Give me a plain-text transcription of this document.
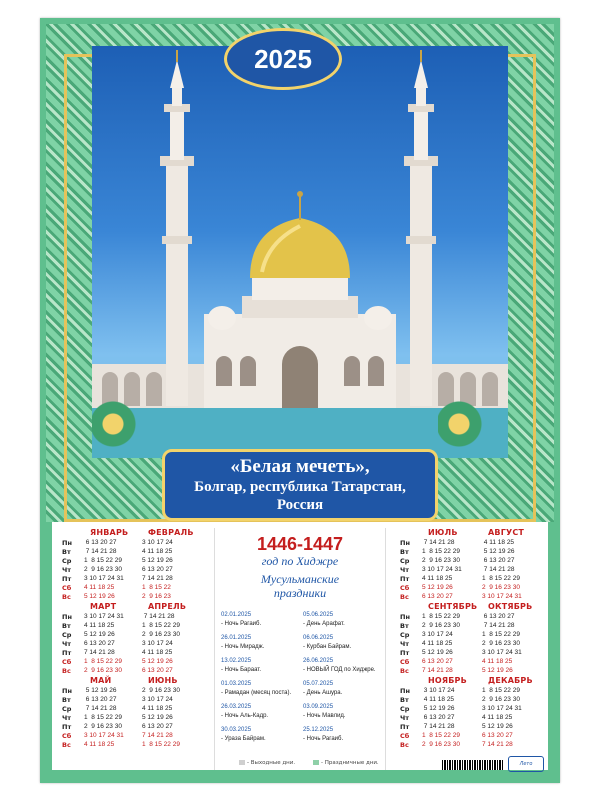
2025
«Белая мечеть»,
Болгар, республика Татарстан,
Россия
ЯНВАРЬ
6 13 20 27
7 14 21 28
1  8 15 22 29
2  9 16 23 30
3 10 17 24 31
4 11 18 25
5 12 19 26
ФЕВРАЛЬ
3 10 17 24
4 11 18 25
5 12 19 26
6 13 20 27
7 14 21 28
1  8 15 22
2  9 16 23
МАРТ
3 10 17 24 31
4 11 18 25
5 12 19 26
6 13 20 27
7 14 21 28
1  8 15 22 29
2  9 16 23 30
АПРЕЛЬ
7 14 21 28
1  8 15 22 29
2  9 16 23 30
3 10 17 24
4 11 18 25
5 12 19 26
6 13 20 27
МАЙ
5 12 19 26
6 13 20 27
7 14 21 28
1  8 15 22 29
2  9 16 23 30
3 10 17 24 31
4 11 18 25
ИЮНЬ
2  9 16 23 30
3 10 17 24
4 11 18 25
5 12 19 26
6 13 20 27
7 14 21 28
1  8 15 22 29
Пн
Вт
Ср
Чт
Пт
Сб
Вс
Пн
Вт
Ср
Чт
Пт
Сб
Вс
Пн
Вт
Ср
Чт
Пт
Сб
Вс
ИЮЛЬ
7 14 21 28
1  8 15 22 29
2  9 16 23 30
3 10 17 24 31
4 11 18 25
5 12 19 26
6 13 20 27
АВГУСТ
4 11 18 25
5 12 19 26
6 13 20 27
7 14 21 28
1  8 15 22 29
2  9 16 23 30
3 10 17 24 31
СЕНТЯБРЬ
1  8 15 22 29
2  9 16 23 30
3 10 17 24
4 11 18 25
5 12 19 26
6 13 20 27
7 14 21 28
ОКТЯБРЬ
6 13 20 27
7 14 21 28
1  8 15 22 29
2  9 16 23 30
3 10 17 24 31
4 11 18 25
5 12 19 26
НОЯБРЬ
3 10 17 24
4 11 18 25
5 12 19 26
6 13 20 27
7 14 21 28
1  8 15 22 29
2  9 16 23 30
ДЕКАБРЬ
1  8 15 22 29
2  9 16 23 30
3 10 17 24 31
4 11 18 25
5 12 19 26
6 13 20 27
7 14 21 28
Пн
Вт
Ср
Чт
Пт
Сб
Вс
Пн
Вт
Ср
Чт
Пт
Сб
Вс
Пн
Вт
Ср
Чт
Пт
Сб
Вс
1446-1447
год по Хиджре
Мусульманские
праздники
02.01.2025
- Ночь Рагаиб.
26.01.2025
- Ночь Мирадж.
13.02.2025
- Ночь Бараат.
01.03.2025
- Рамадан (месяц поста).
26.03.2025
- Ночь Аль-Кадр.
30.03.2025
- Ураза Байрам.
05.06.2025
- День Арафат.
06.06.2025
- Курбан Байрам.
26.06.2025
- НОВЫЙ ГОД по Хиджре.
05.07.2025
- День Ашура.
03.09.2025
- Ночь Мавлид.
25.12.2025
- Ночь Рагаиб.
- Выходные дни.	- Праздничные дни.	Лето
